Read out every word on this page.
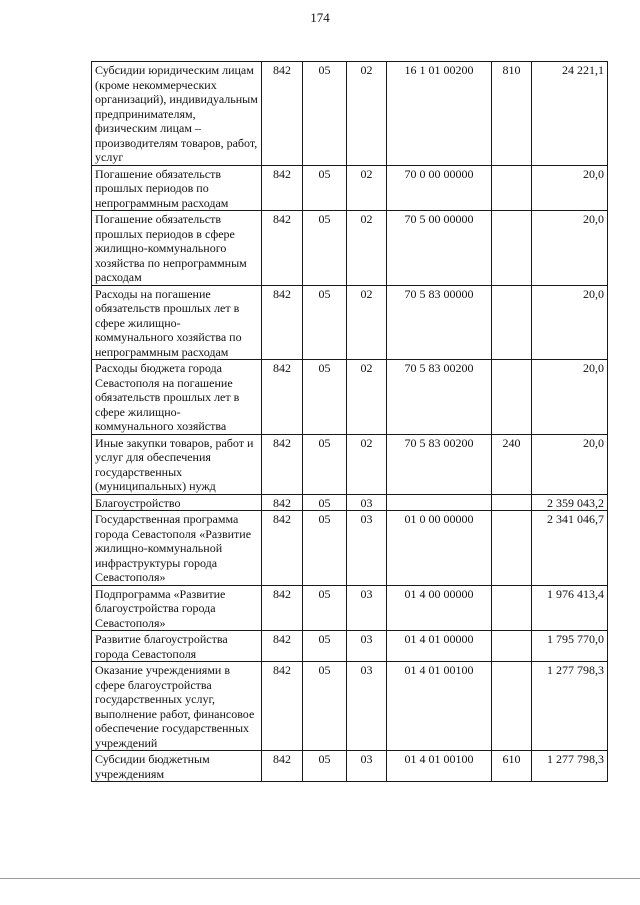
174
Субсидии юридическим лицам (кроме некоммерческих организаций), индивидуальным предпринимателям, физическим лицам – производителям товаров, работ, услуг	842	05	02	16 1 01 00200	810	24 221,1
Погашение обязательств прошлых периодов по непрограммным расходам	842	05	02	70 0 00 00000		20,0
Погашение обязательств прошлых периодов в сфере жилищно-коммунального хозяйства по непрограммным расходам	842	05	02	70 5 00 00000		20,0
Расходы на погашение обязательств прошлых лет в сфере жилищно-коммунального хозяйства по непрограммным расходам	842	05	02	70 5 83 00000		20,0
Расходы бюджета города Севастополя на погашение обязательств прошлых лет в сфере жилищно-коммунального хозяйства	842	05	02	70 5 83 00200		20,0
Иные закупки товаров, работ и услуг для обеспечения государственных (муниципальных) нужд	842	05	02	70 5 83 00200	240	20,0
Благоустройство	842	05	03			2 359 043,2
Государственная программа города Севастополя «Развитие жилищно-коммунальной инфраструктуры города Севастополя»	842	05	03	01 0 00 00000		2 341 046,7
Подпрограмма «Развитие благоустройства города Севастополя»	842	05	03	01 4 00 00000		1 976 413,4
Развитие благоустройства города Севастополя	842	05	03	01 4 01 00000		1 795 770,0
Оказание учреждениями в сфере благоустройства государственных услуг, выполнение работ, финансовое обеспечение государственных учреждений	842	05	03	01 4 01 00100		1 277 798,3
Субсидии бюджетным учреждениям	842	05	03	01 4 01 00100	610	1 277 798,3
